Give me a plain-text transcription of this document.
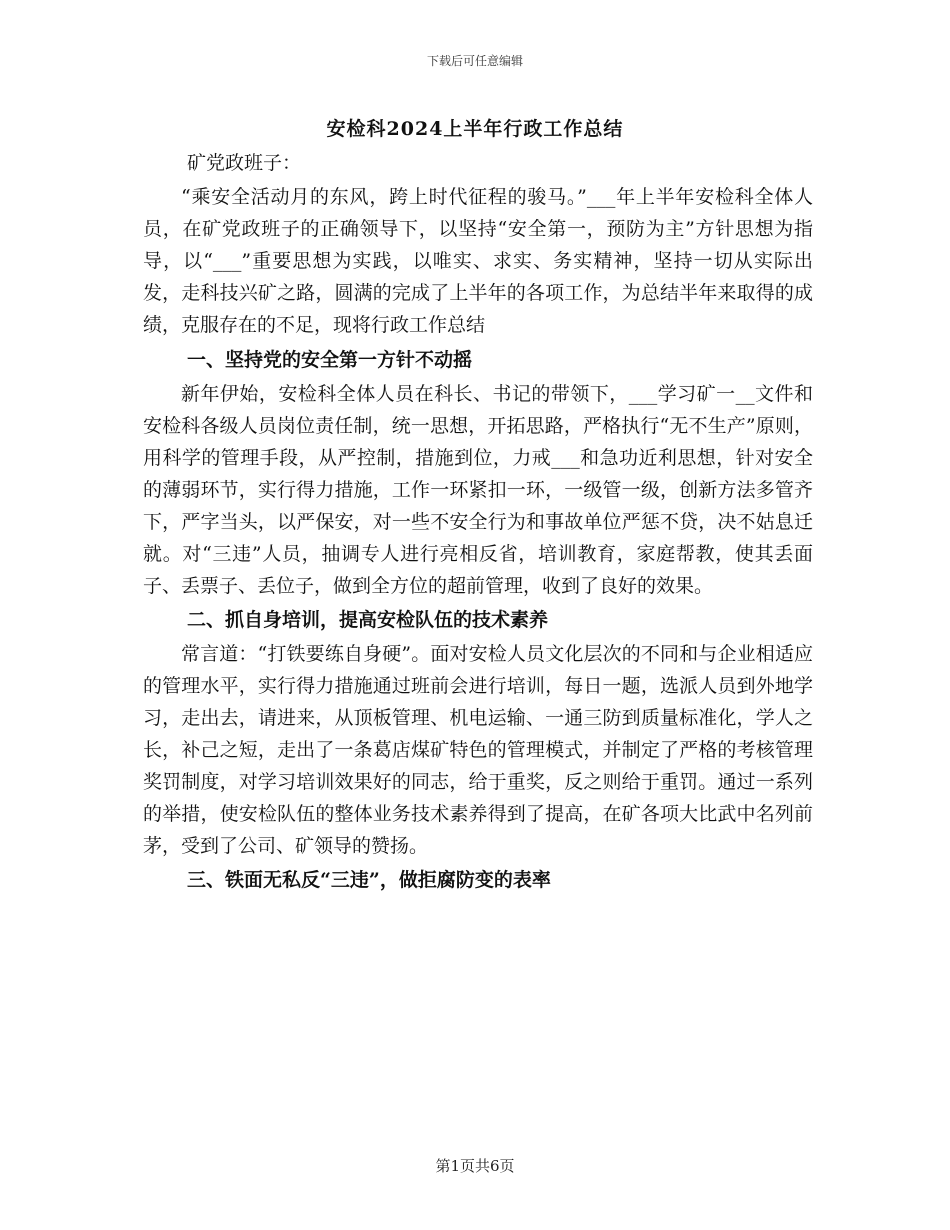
下载后可任意编辑
安检科2024上半年行政工作总结

矿党政班子：

“乘安全活动月的东风，跨上时代征程的骏马。”___年上半年安检科全体人员，在矿党政班子的正确领导下，以坚持“安全第一，预防为主”方针思想为指导，以“___”重要思想为实践，以唯实、求实、务实精神，坚持一切从实际出发，走科技兴矿之路，圆满的完成了上半年的各项工作，为总结半年来取得的成绩，克服存在的不足，现将行政工作总结

一、坚持党的安全第一方针不动摇

新年伊始，安检科全体人员在科长、书记的带领下，___学习矿一__文件和安检科各级人员岗位责任制，统一思想，开拓思路，严格执行“无不生产”原则，用科学的管理手段，从严控制，措施到位，力戒___和急功近利思想，针对安全的薄弱环节，实行得力措施，工作一环紧扣一环，一级管一级，创新方法多管齐下，严字当头，以严保安，对一些不安全行为和事故单位严惩不贷，决不姑息迁就。对“三违”人员，抽调专人进行亮相反省，培训教育，家庭帮教，使其丢面子、丢票子、丢位子，做到全方位的超前管理，收到了良好的效果。

二、抓自身培训，提高安检队伍的技术素养

常言道：“打铁要练自身硬”。面对安检人员文化层次的不同和与企业相适应的管理水平，实行得力措施通过班前会进行培训，每日一题，选派人员到外地学习，走出去，请进来，从顶板管理、机电运输、一通三防到质量标准化，学人之长，补己之短，走出了一条葛店煤矿特色的管理模式，并制定了严格的考核管理奖罚制度，对学习培训效果好的同志，给于重奖，反之则给于重罚。通过一系列的举措，使安检队伍的整体业务技术素养得到了提高，在矿各项大比武中名列前茅，受到了公司、矿领导的赞扬。

三、铁面无私反“三违”，做拒腐防变的表率

第1页共6页
